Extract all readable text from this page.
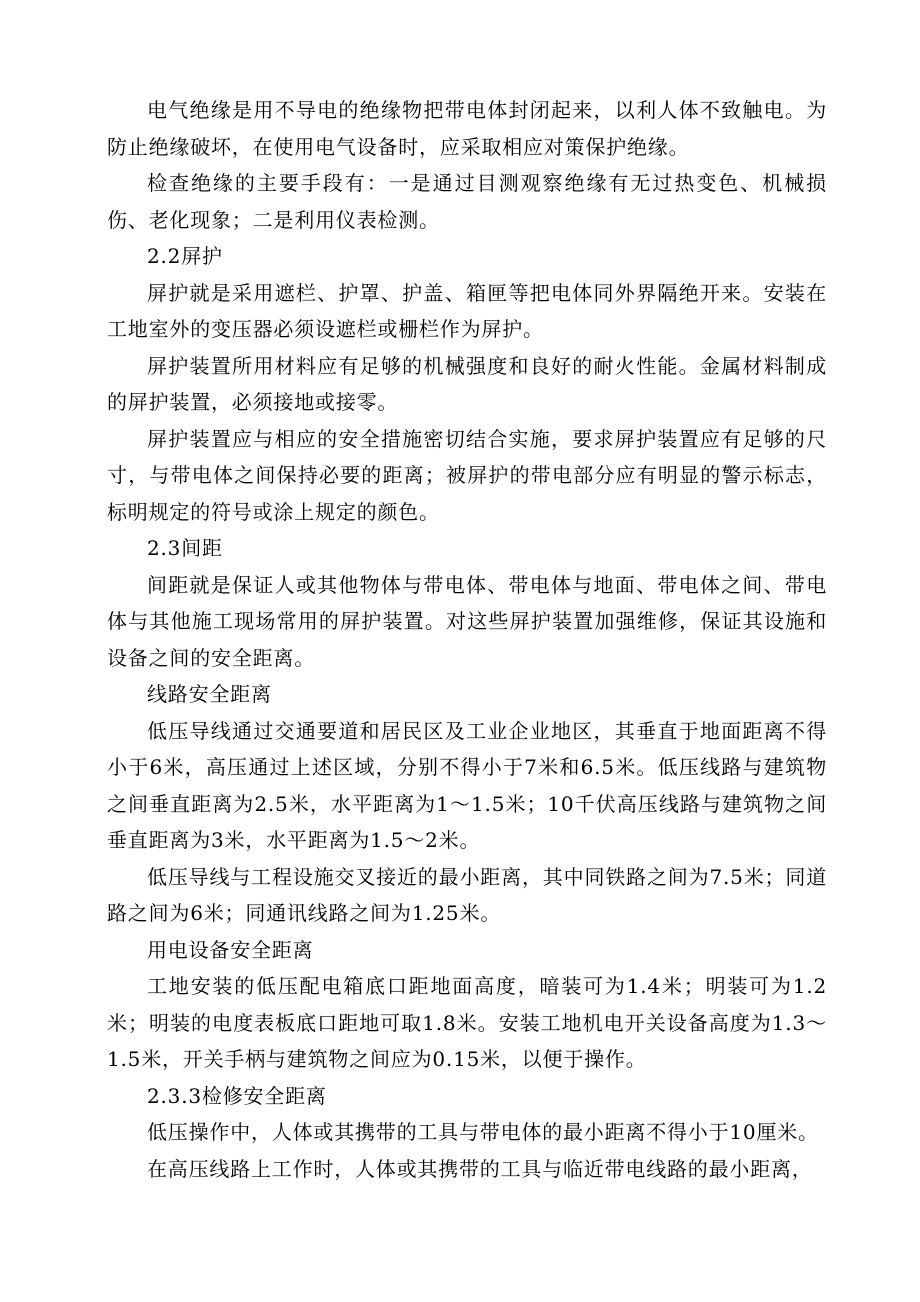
电气绝缘是用不导电的绝缘物把带电体封闭起来，以利人体不致触电。为防止绝缘破坏，在使用电气设备时，应采取相应对策保护绝缘。

检查绝缘的主要手段有：一是通过目测观察绝缘有无过热变色、机械损伤、老化现象；二是利用仪表检测。

2.2屏护

屏护就是采用遮栏、护罩、护盖、箱匣等把电体同外界隔绝开来。安装在工地室外的变压器必须设遮栏或栅栏作为屏护。

屏护装置所用材料应有足够的机械强度和良好的耐火性能。金属材料制成的屏护装置，必须接地或接零。

屏护装置应与相应的安全措施密切结合实施，要求屏护装置应有足够的尺寸，与带电体之间保持必要的距离；被屏护的带电部分应有明显的警示标志，标明规定的符号或涂上规定的颜色。

2.3间距

间距就是保证人或其他物体与带电体、带电体与地面、带电体之间、带电体与其他施工现场常用的屏护装置。对这些屏护装置加强维修，保证其设施和设备之间的安全距离。

线路安全距离

低压导线通过交通要道和居民区及工业企业地区，其垂直于地面距离不得小于6米，高压通过上述区域，分别不得小于7米和6.5米。低压线路与建筑物之间垂直距离为2.5米，水平距离为1～1.5米；10千伏高压线路与建筑物之间垂直距离为3米，水平距离为1.5～2米。

低压导线与工程设施交叉接近的最小距离，其中同铁路之间为7.5米；同道路之间为6米；同通讯线路之间为1.25米。

用电设备安全距离

工地安装的低压配电箱底口距地面高度，暗装可为1.4米；明装可为1.2米；明装的电度表板底口距地可取1.8米。安装工地机电开关设备高度为1.3～1.5米，开关手柄与建筑物之间应为0.15米，以便于操作。

2.3.3检修安全距离

低压操作中，人体或其携带的工具与带电体的最小距离不得小于10厘米。

在高压线路上工作时，人体或其携带的工具与临近带电线路的最小距离，
